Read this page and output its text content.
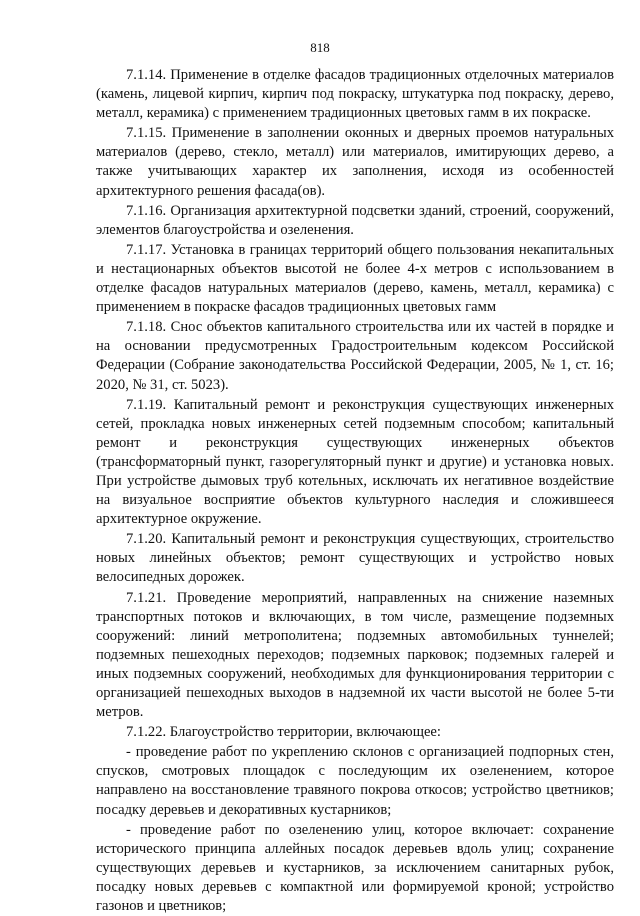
818

7.1.14. Применение в отделке фасадов традиционных отделочных материалов (камень, лицевой кирпич, кирпич под покраску, штукатурка под покраску, дерево, металл, керамика) с применением традиционных цветовых гамм в их покраске.

7.1.15. Применение в заполнении оконных и дверных проемов натуральных материалов (дерево, стекло, металл) или материалов, имитирующих дерево, а также учитывающих характер их заполнения, исходя из особенностей архитектурного решения фасада(ов).

7.1.16. Организация архитектурной подсветки зданий, строений, сооружений, элементов благоустройства и озеленения.

7.1.17. Установка в границах территорий общего пользования некапитальных и нестационарных объектов высотой не более 4-х метров с использованием в отделке фасадов натуральных материалов (дерево, камень, металл, керамика) с применением в покраске фасадов традиционных цветовых гамм

7.1.18. Снос объектов капитального строительства или их частей в порядке и на основании предусмотренных Градостроительным кодексом Российской Федерации (Собрание законодательства Российской Федерации, 2005, № 1, ст. 16; 2020, № 31, ст. 5023).

7.1.19. Капитальный ремонт и реконструкция существующих инженерных сетей, прокладка новых инженерных сетей подземным способом; капитальный ремонт и реконструкция существующих инженерных объектов (трансформаторный пункт, газорегуляторный пункт и другие) и установка новых. При устройстве дымовых труб котельных, исключать их негативное воздействие на визуальное восприятие объектов культурного наследия и сложившееся архитектурное окружение.

7.1.20. Капитальный ремонт и реконструкция существующих, строительство новых линейных объектов; ремонт существующих и устройство новых велосипедных дорожек.

7.1.21. Проведение мероприятий, направленных на снижение наземных транспортных потоков и включающих, в том числе, размещение подземных сооружений: линий метрополитена; подземных автомобильных туннелей; подземных пешеходных переходов; подземных парковок; подземных галерей и иных подземных сооружений, необходимых для функционирования территории с организацией пешеходных выходов в надземной их части высотой не более 5-ти метров.

7.1.22. Благоустройство территории, включающее:

- проведение работ по укреплению склонов с организацией подпорных стен, спусков, смотровых площадок с последующим их озеленением, которое направлено на восстановление травяного покрова откосов; устройство цветников; посадку деревьев и декоративных кустарников;

- проведение работ по озеленению улиц, которое включает: сохранение исторического принципа аллейных посадок деревьев вдоль улиц; сохранение существующих деревьев и кустарников, за исключением санитарных рубок, посадку новых деревьев с компактной или формируемой кроной; устройство газонов и цветников;
